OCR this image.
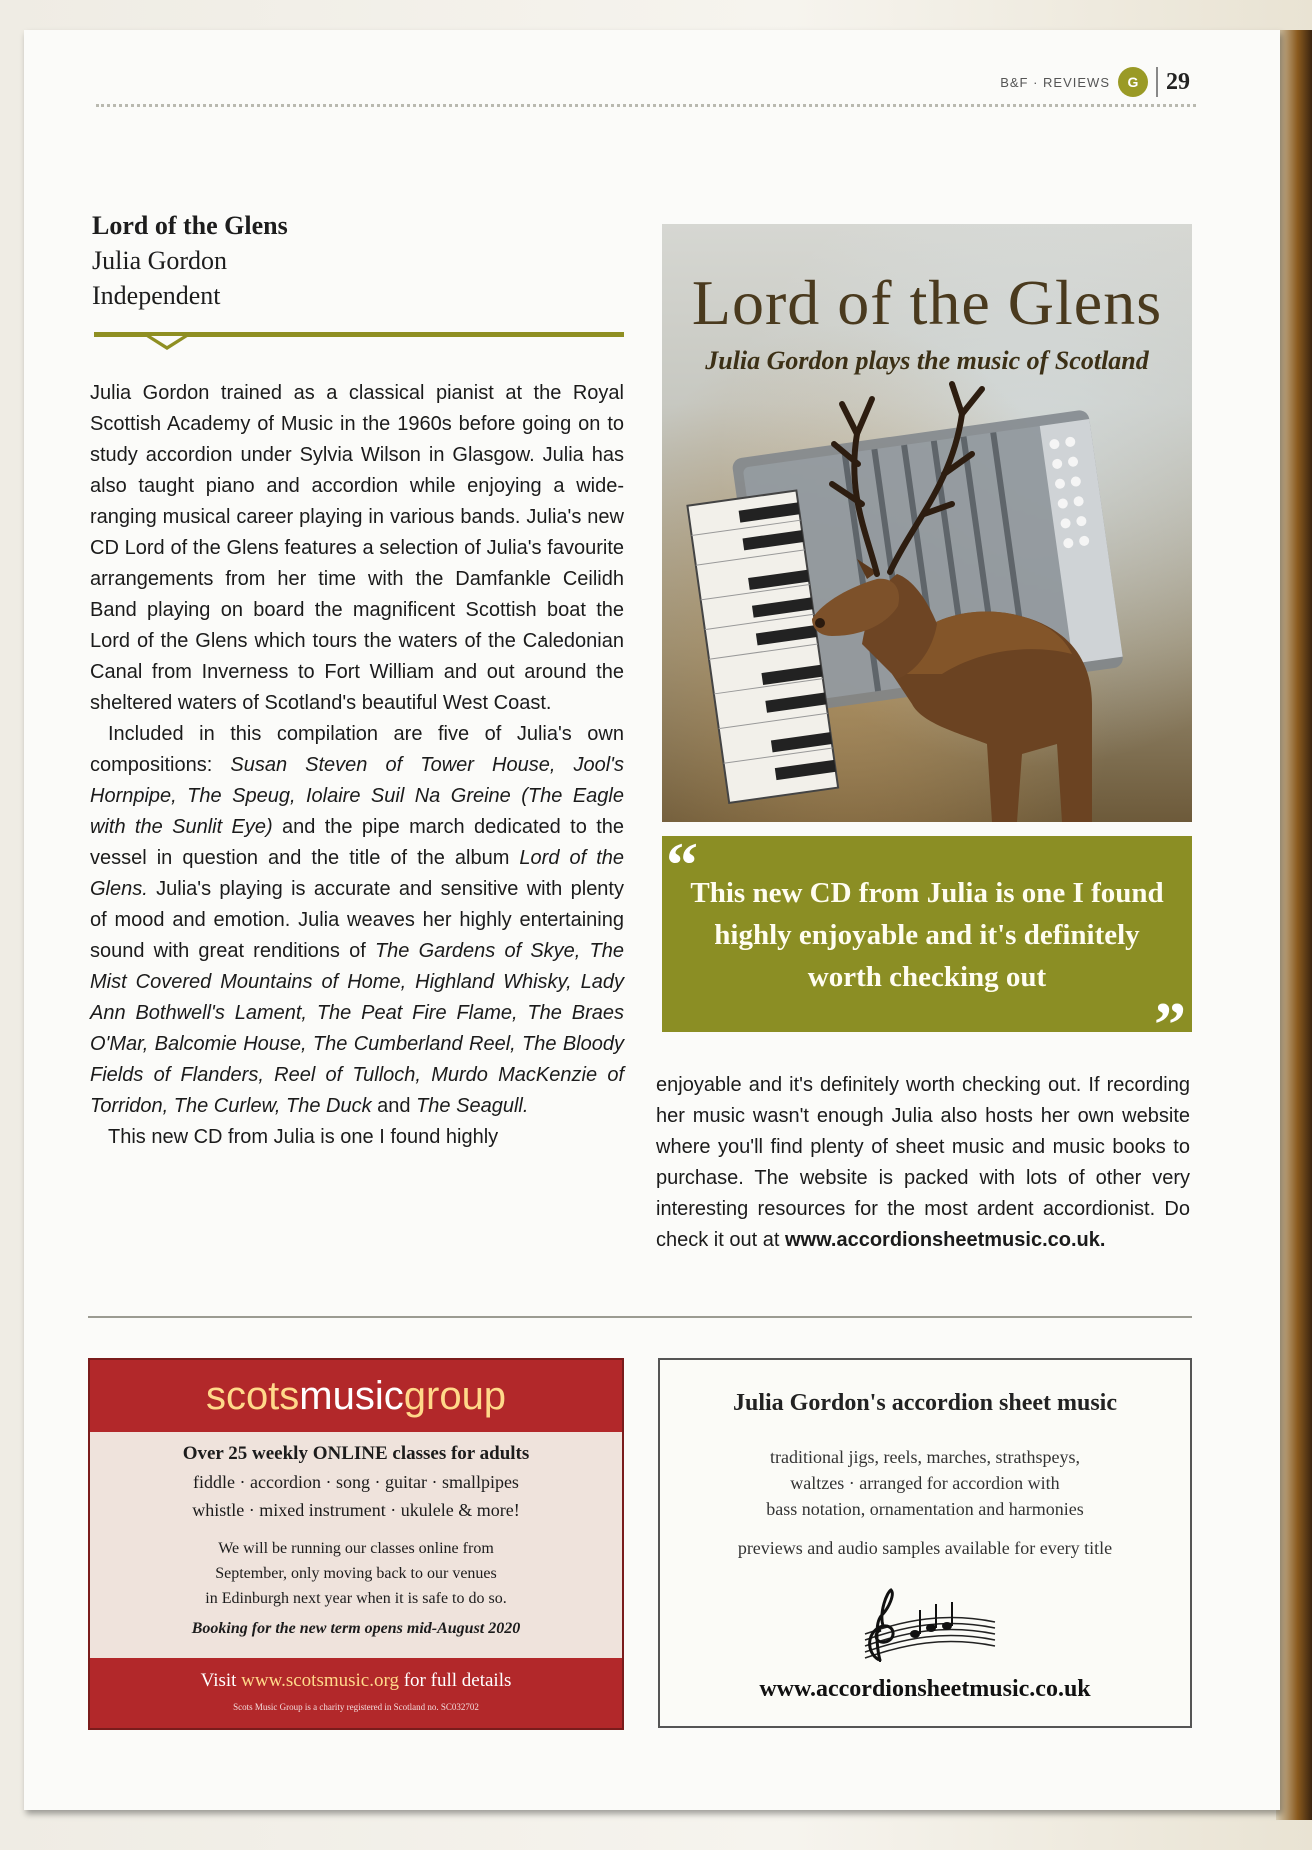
B&F · REVIEWS	G	29
Lord of the Glens
Julia Gordon
Independent

Julia Gordon trained as a classical pianist at the Royal Scottish Academy of Music in the 1960s before going on to study accordion under Sylvia Wilson in Glasgow. Julia has also taught piano and accordion while enjoying a wide-ranging musical career playing in various bands. Julia's new CD Lord of the Glens features a selection of Julia's favourite arrangements from her time with the Damfankle Ceilidh Band playing on board the magnificent Scottish boat the Lord of the Glens which tours the waters of the Caledonian Canal from Inverness to Fort William and out around the sheltered waters of Scotland's beautiful West Coast.

Included in this compilation are five of Julia's own compositions: Susan Steven of Tower House, Jool's Hornpipe, The Speug, Iolaire Suil Na Greine (The Eagle with the Sunlit Eye) and the pipe march dedicated to the vessel in question and the title of the album Lord of the Glens. Julia's playing is accurate and sensitive with plenty of mood and emotion. Julia weaves her highly entertaining sound with great renditions of The Gardens of Skye, The Mist Covered Mountains of Home, Highland Whisky, Lady Ann Bothwell's Lament, The Peat Fire Flame, The Braes O'Mar, Balcomie House, The Cumberland Reel, The Bloody Fields of Flanders, Reel of Tulloch, Murdo MacKenzie of Torridon, The Curlew, The Duck and The Seagull.

This new CD from Julia is one I found highly

Lord of the Glens
Julia Gordon plays the music of Scotland
“
This new CD from Julia is one I found highly enjoyable and it's definitely worth checking out
”

enjoyable and it's definitely worth checking out. If recording her music wasn't enough Julia also hosts her own website where you'll find plenty of sheet music and music books to purchase. The website is packed with lots of other very interesting resources for the most ardent accordionist. Do check it out at www.accordionsheetmusic.co.uk.

scots music group
Over 25 weekly ONLINE classes for adults
fiddle · accordion · song · guitar · smallpipes
whistle · mixed instrument · ukulele & more!
We will be running our classes online from
September, only moving back to our venues
in Edinburgh next year when it is safe to do so.
Booking for the new term opens mid-August 2020
Visit www.scotsmusic.org for full details
Scots Music Group is a charity registered in Scotland no. SC032702
Julia Gordon's accordion sheet music
traditional jigs, reels, marches, strathspeys,
waltzes · arranged for accordion with
bass notation, ornamentation and harmonies
previews and audio samples available for every title
www.accordionsheetmusic.co.uk
